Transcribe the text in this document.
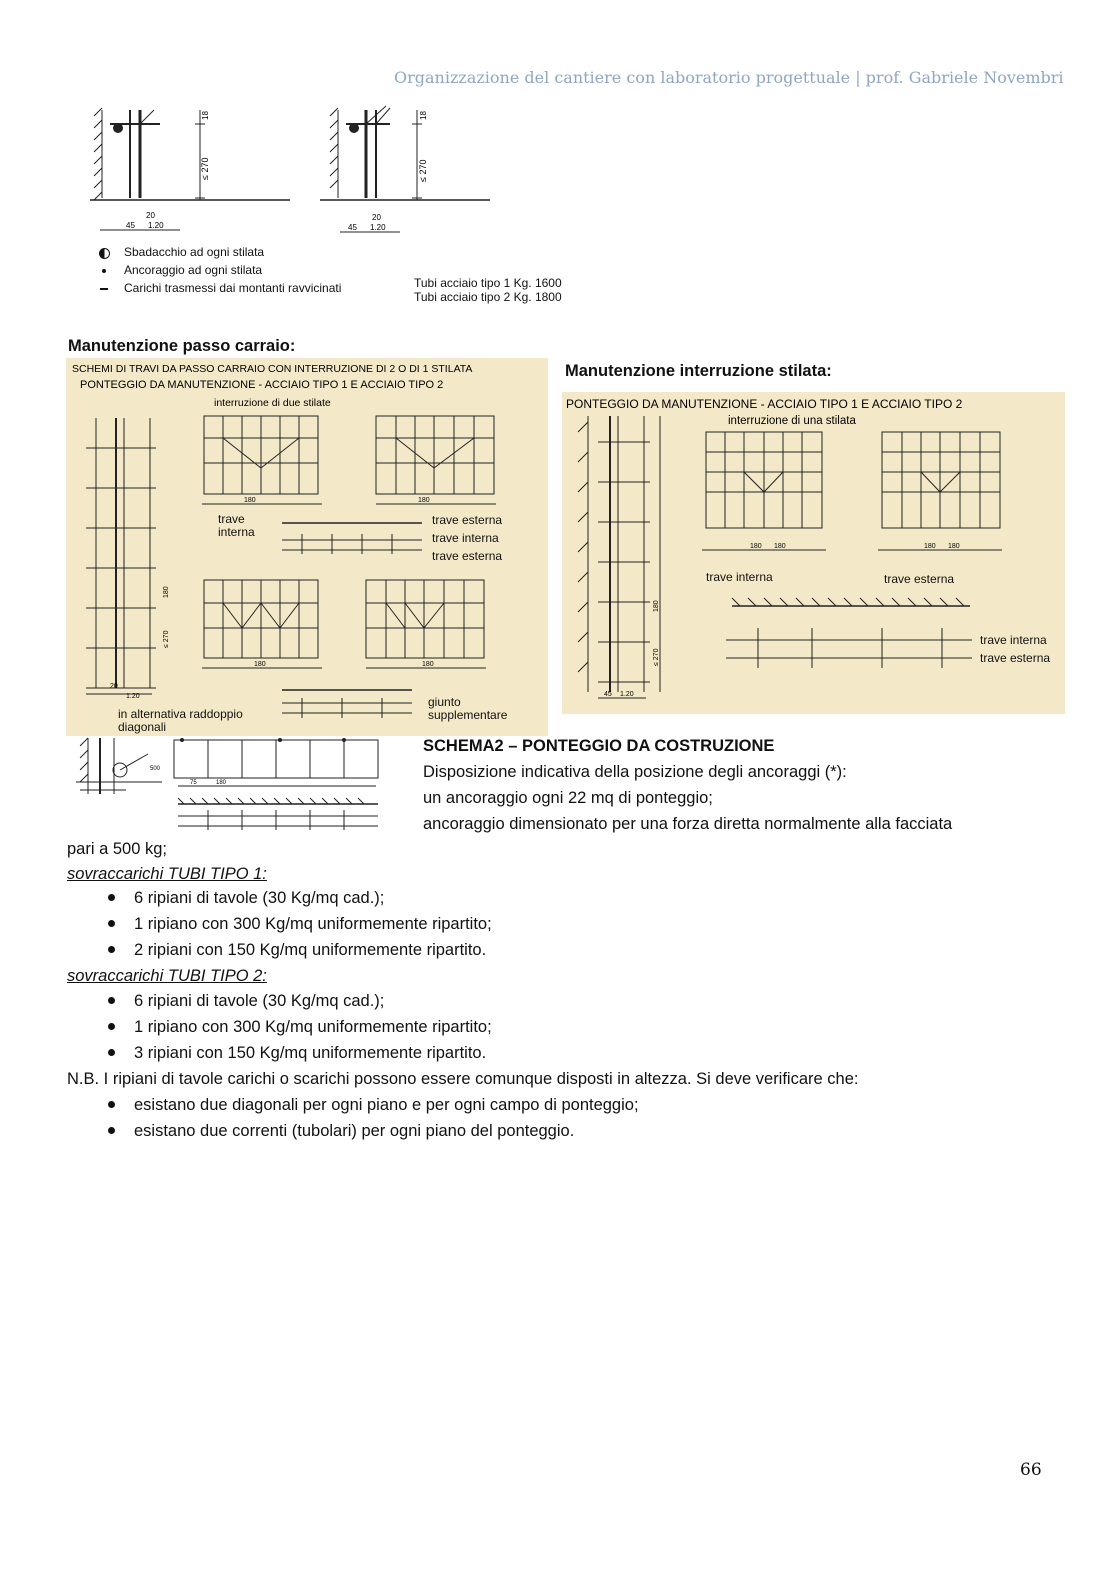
Organizzazione del cantiere con laboratorio progettuale | prof. Gabriele Novembri
18
≤ 270
18
≤ 270
20
45 1.20
20
45 1.20
Sbadacchio ad ogni stilata
Ancoraggio ad ogni stilata
Carichi trasmessi dai montanti ravvicinati	Tubi acciaio tipo 1 Kg. 1600
Tubi acciaio tipo 2 Kg. 1800
Manutenzione passo carraio:
Manutenzione interruzione stilata:
SCHEMI DI TRAVI DA PASSO CARRAIO CON INTERRUZIONE DI 2 O DI 1 STILATA
PONTEGGIO DA MANUTENZIONE - ACCIAIO TIPO 1 E ACCIAIO TIPO 2
interruzione di due stilate
180	180
180	180
≤ 270
180
20
1.20
trave interna
trave esterna
trave interna
trave esterna
giunto supplementare
in alternativa raddoppio diagonali
PONTEGGIO DA MANUTENZIONE - ACCIAIO TIPO 1 E ACCIAIO TIPO 2
interruzione di una stilata
180 180	180 180
180
≤ 270
45 1.20
trave interna	trave esterna
trave interna
trave esterna
500
180
75
SCHEMA2 – PONTEGGIO DA COSTRUZIONE
Disposizione indicativa della posizione degli ancoraggi (*):
un ancoraggio ogni 22 mq di ponteggio;
ancoraggio dimensionato per una forza diretta normalmente alla facciata
pari a 500 kg;
sovraccarichi TUBI TIPO 1:
6 ripiani di tavole (30 Kg/mq cad.);
1 ripiano con 300 Kg/mq uniformemente ripartito;
2 ripiani con 150 Kg/mq uniformemente ripartito.
sovraccarichi TUBI TIPO 2:
6 ripiani di tavole (30 Kg/mq cad.);
1 ripiano con 300 Kg/mq uniformemente ripartito;
3 ripiani con 150 Kg/mq uniformemente ripartito.
N.B. I ripiani di tavole carichi o scarichi possono essere comunque disposti in altezza. Si deve verificare che:
esistano due diagonali per ogni piano e per ogni campo di ponteggio;
esistano due correnti (tubolari) per ogni piano del ponteggio.
66
